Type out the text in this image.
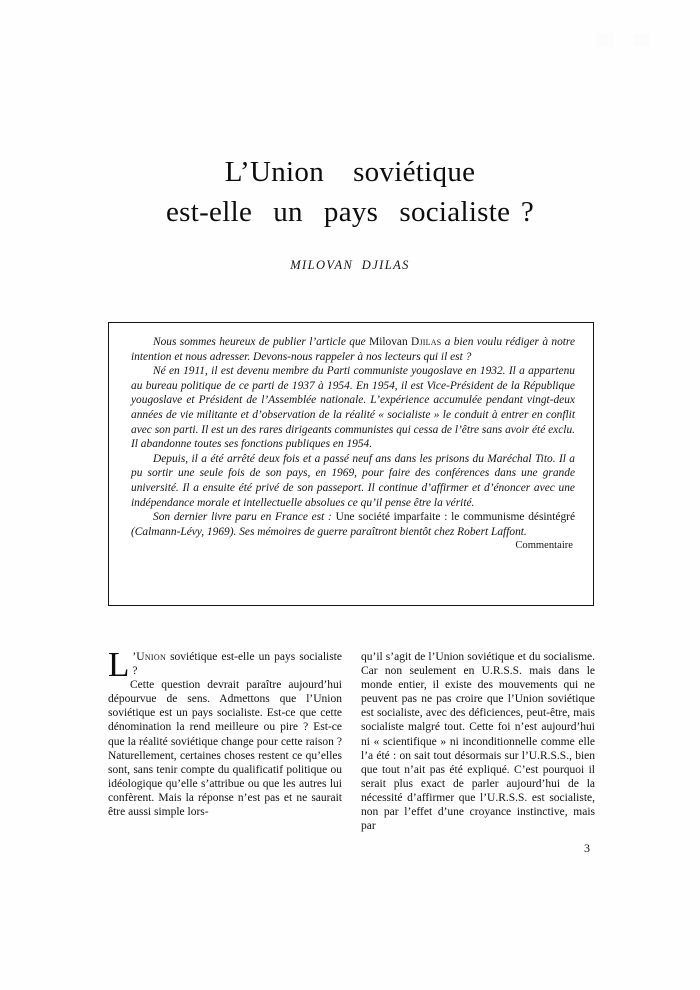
L’Union  soviétique
est-elle  un  pays  socialiste ?
MILOVAN DJILAS

Nous sommes heureux de publier l’article que Milovan Djilas a bien voulu rédiger à notre intention et nous adresser. Devons-nous rappeler à nos lecteurs qui il est ?

Né en 1911, il est devenu membre du Parti communiste yougoslave en 1932. Il a appartenu au bureau politique de ce parti de 1937 à 1954. En 1954, il est Vice-Président de la République yougoslave et Président de l’Assemblée nationale. L’expérience accumulée pendant vingt-deux années de vie militante et d’observation de la réalité « socialiste » le conduit à entrer en conflit avec son parti. Il est un des rares dirigeants communistes qui cessa de l’être sans avoir été exclu. Il abandonne toutes ses fonctions publiques en 1954.

Depuis, il a été arrêté deux fois et a passé neuf ans dans les prisons du Maréchal Tito. Il a pu sortir une seule fois de son pays, en 1969, pour faire des conférences dans une grande université. Il a ensuite été privé de son passeport. Il continue d’affirmer et d’énoncer avec une indépendance morale et intellectuelle absolues ce qu’il pense être la vérité.

Son dernier livre paru en France est : Une société imparfaite : le communisme désintégré (Calmann-Lévy, 1969). Ses mémoires de guerre paraîtront bientôt chez Robert Laffont.

Commentaire

L ’Union soviétique est-elle un pays socialiste ?

Cette question devrait paraître aujourd’hui dépourvue de sens. Admettons que l’Union soviétique est un pays socialiste. Est-ce que cette dénomination la rend meilleure ou pire ? Est-ce que la réalité soviétique change pour cette raison ? Naturellement, certaines choses restent ce qu’elles sont, sans tenir compte du qualificatif politique ou idéologique qu’elle s’attribue ou que les autres lui confèrent. Mais la réponse n’est pas et ne saurait être aussi simple lors-

qu’il s’agit de l’Union soviétique et du socialisme. Car non seulement en U.R.S.S. mais dans le monde entier, il existe des mouvements qui ne peuvent pas ne pas croire que l’Union soviétique est socialiste, avec des déficiences, peut-être, mais socialiste malgré tout. Cette foi n’est aujourd’hui ni « scientifique » ni inconditionnelle comme elle l’a été : on sait tout désormais sur l’U.R.S.S., bien que tout n’ait pas été expliqué. C’est pourquoi il serait plus exact de parler aujourd’hui de la nécessité d’affirmer que l’U.R.S.S. est socialiste, non par l’effet d’une croyance instinctive, mais par

3
